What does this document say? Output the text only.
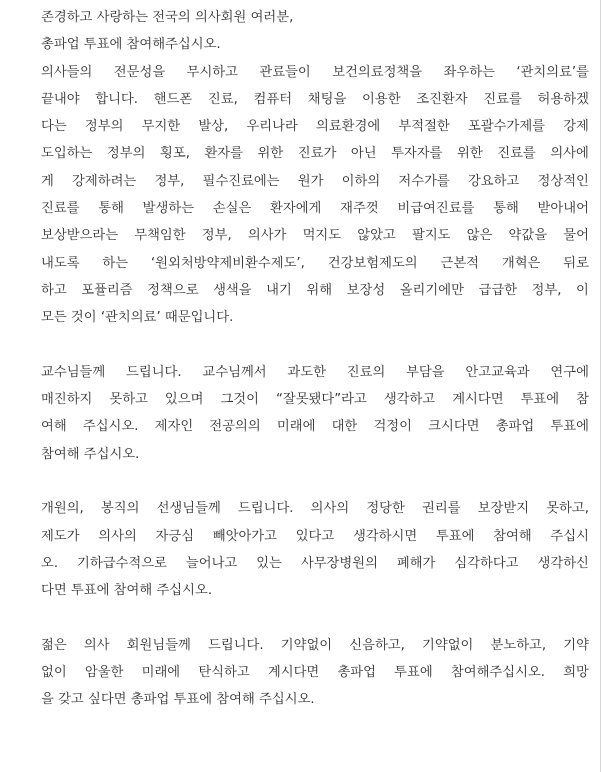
존경하고 사랑하는 전국의 의사회원 여러분,
총파업 투표에 참여해주십시오.
의사들의 전문성을 무시하고 관료들이 보건의료정책을 좌우하는 ‘관치의료’를
끝내야 합니다. 핸드폰 진료, 컴퓨터 채팅을 이용한 조진환자 진료를 허용하겠
다는 정부의 무지한 발상, 우리나라 의료환경에 부적절한 포괄수가제를 강제
도입하는 정부의 횡포, 환자를 위한 진료가 아닌 투자자를 위한 진료를 의사에
게 강제하려는 정부, 필수진료에는 원가 이하의 저수가를 강요하고 정상적인
진료를 통해 발생하는 손실은 환자에게 재주껏 비급여진료를 통해 받아내어
보상받으라는 무책임한 정부, 의사가 먹지도 않았고 팔지도 않은 약값을 물어
내도록 하는 ‘원외처방약제비환수제도’, 건강보험제도의 근본적 개혁은 뒤로
하고 포퓰리즘 정책으로 생색을 내기 위해 보장성 올리기에만 급급한 정부, 이
모든 것이 ‘관치의료’ 때문입니다.
교수님들께 드립니다. 교수님께서 과도한 진료의 부담을 안고교육과 연구에
매진하지 못하고 있으며 그것이 “잘못됐다”라고 생각하고 계시다면 투표에 참
여해 주십시오. 제자인 전공의의 미래에 대한 걱정이 크시다면 총파업 투표에
참여해 주십시오.
개원의, 봉직의 선생님들께 드립니다. 의사의 정당한 권리를 보장받지 못하고,
제도가 의사의 자긍심 빼앗아가고 있다고 생각하시면 투표에 참여해 주십시
오. 기하급수적으로 늘어나고 있는 사무장병원의 폐해가 심각하다고 생각하신
다면 투표에 참여해 주십시오.
젊은 의사 회원님들께 드립니다. 기약없이 신음하고, 기약없이 분노하고, 기약
없이 암울한 미래에 탄식하고 계시다면 총파업 투표에 참여해주십시오. 희망
을 갖고 싶다면 총파업 투표에 참여해 주십시오.
